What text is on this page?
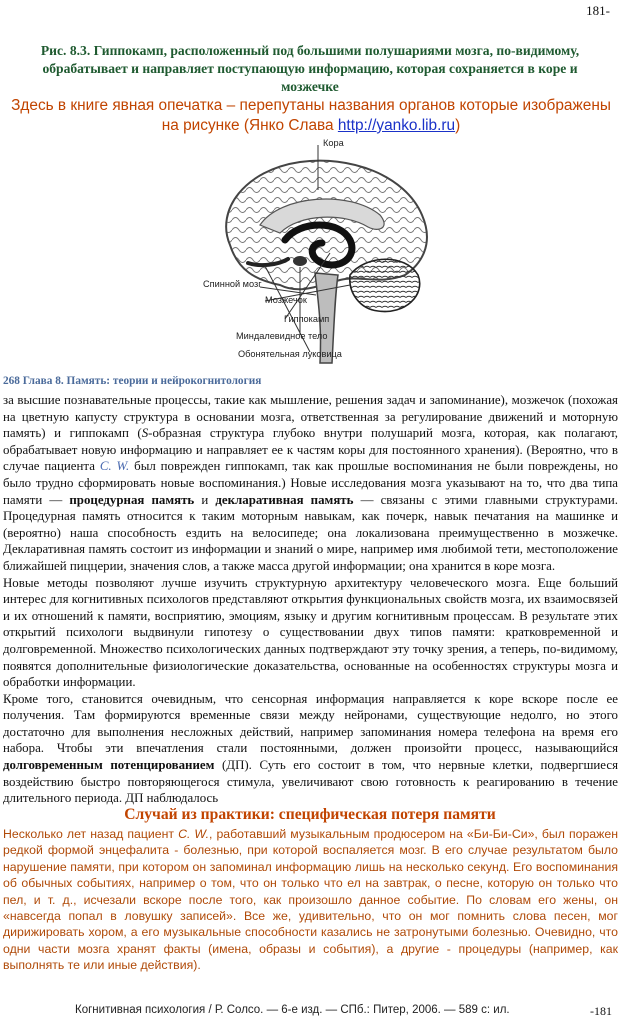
181-
Рис. 8.3. Гиппокамп, расположенный под большими полушариями мозга, по-видимому, обрабатывает и направляет поступающую информацию, которая сохраняется в коре и мозжечке
Здесь в книге явная опечатка – перепутаны названия органов которые изображены на рисунке (Янко Слава http://yanko.lib.ru)
Кора
Спинной мозг
Мозжечок
Гиппокамп
Миндалевидное тело
Обонятельная луковица
268 Глава 8. Память: теории и нейрокогнитология

за высшие познавательные процессы, такие как мышление, решения задач и запоминание), мозжечок (похожая на цветную капусту структура в основании мозга, ответственная за регулирование движений и моторную память) и гиппокамп (S-образная структура глубоко внутри полушарий мозга, которая, как полагают, обрабатывает новую информацию и направляет ее к частям коры для постоянного хранения). (Вероятно, что в случае пациента С. W. был поврежден гиппокамп, так как прошлые воспоминания не были повреждены, но было трудно сформировать новые воспоминания.) Новые исследования мозга указывают на то, что два типа памяти — процедурная память и декларативная память — связаны с этими главными структурами. Процедурная память относится к таким моторным навыкам, как почерк, навык печатания на машинке и (вероятно) наша способность ездить на велосипеде; она локализована преимущественно в мозжечке. Декларативная память состоит из информации и знаний о мире, например имя любимой тети, местоположение ближайшей пиццерии, значения слов, а также масса другой информации; она хранится в коре мозга.

Новые методы позволяют лучше изучить структурную архитектуру человеческого мозга. Еще больший интерес для когнитивных психологов представляют открытия функциональных свойств мозга, их взаимосвязей и их отношений к памяти, восприятию, эмоциям, языку и другим когнитивным процессам. В результате этих открытий психологи выдвинули гипотезу о существовании двух типов памяти: кратковременной и долговременной. Множество психологических данных подтверждают эту точку зрения, а теперь, по-видимому, появятся дополнительные физиологические доказательства, основанные на особенностях структуры мозга и обработки информации.

Кроме того, становится очевидным, что сенсорная информация направляется к коре вскоре после ее получения. Там формируются временные связи между нейронами, существующие недолго, но этого достаточно для выполнения несложных действий, например запоминания номера телефона на время его набора. Чтобы эти впечатления стали постоянными, должен произойти процесс, называющийся долговременным потенцированием (ДП). Суть его состоит в том, что нервные клетки, подвергшиеся воздействию быстро повторяющегося стимула, увеличивают свою готовность к реагированию в течение длительного периода. ДП наблюдалось

Случай из практики: специфическая потеря памяти
Несколько лет назад пациент С. W., работавший музыкальным продюсером на «Би-Би-Си», был поражен редкой формой энцефалита - болезнью, при которой воспаляется мозг. В его случае результатом было нарушение памяти, при котором он запоминал информацию лишь на несколько секунд. Его воспоминания об обычных событиях, например о том, что он только что ел на завтрак, о песне, которую он только что пел, и т. д., исчезали вскоре после того, как произошло данное событие. По словам его жены, он «навсегда попал в ловушку записей». Все же, удивительно, что он мог помнить слова песен, мог дирижировать хором, а его музыкальные способности казались не затронутыми болезнью. Очевидно, что одни части мозга хранят факты (имена, образы и события), а другие - процедуры (например, как выполнять те или иные действия).
Когнитивная психология / Р. Солсо. — 6-е изд. — СПб.: Питер, 2006. — 589 с: ил.	-181
